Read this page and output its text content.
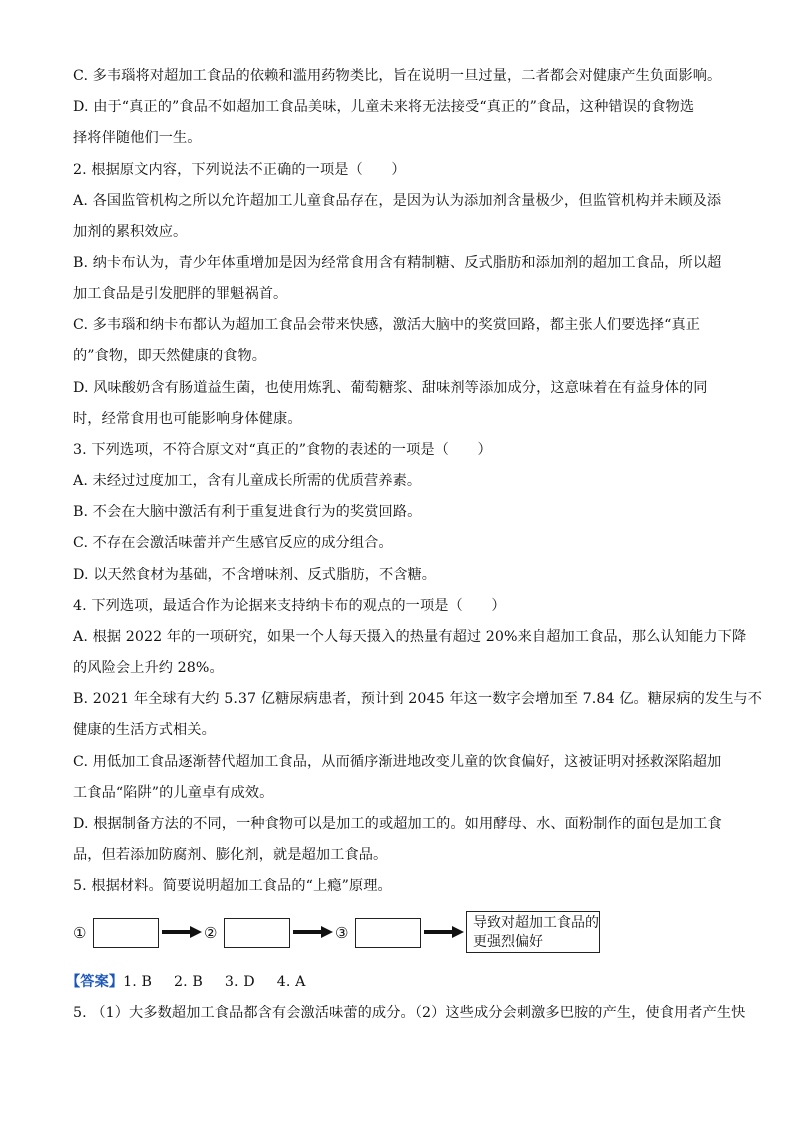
C. 多韦瑙将对超加工食品的依赖和滥用药物类比，旨在说明一旦过量，二者都会对健康产生负面影响。
D. 由于“真正的”食品不如超加工食品美味，儿童未来将无法接受“真正的”食品，这种错误的食物选
择将伴随他们一生。
2. 根据原文内容，下列说法不正确的一项是（　　）
A. 各国监管机构之所以允许超加工儿童食品存在，是因为认为添加剂含量极少，但监管机构并未顾及添
加剂的累积效应。
B. 纳卡布认为，青少年体重增加是因为经常食用含有精制糖、反式脂肪和添加剂的超加工食品，所以超
加工食品是引发肥胖的罪魁祸首。
C. 多韦瑙和纳卡布都认为超加工食品会带来快感，激活大脑中的奖赏回路，都主张人们要选择“真正
的”食物，即天然健康的食物。
D. 风味酸奶含有肠道益生菌，也使用炼乳、葡萄糖浆、甜味剂等添加成分，这意味着在有益身体的同
时，经常食用也可能影响身体健康。
3. 下列选项，不符合原文对“真正的”食物的表述的一项是（　　）
A. 未经过过度加工，含有儿童成长所需的优质营养素。
B. 不会在大脑中激活有利于重复进食行为的奖赏回路。
C. 不存在会激活味蕾并产生感官反应的成分组合。
D. 以天然食材为基础，不含增味剂、反式脂肪，不含糖。
4. 下列选项，最适合作为论据来支持纳卡布的观点的一项是（　　）
A. 根据 2022 年的一项研究，如果一个人每天摄入的热量有超过 20%来自超加工食品，那么认知能力下降
的风险会上升约 28%。
B. 2021 年全球有大约 5.37 亿糖尿病患者，预计到 2045 年这一数字会增加至 7.84 亿。糖尿病的发生与不
健康的生活方式相关。
C. 用低加工食品逐渐替代超加工食品，从而循序渐进地改变儿童的饮食偏好，这被证明对拯救深陷超加
工食品“陷阱”的儿童卓有成效。
D. 根据制备方法的不同，一种食物可以是加工的或超加工的。如用酵母、水、面粉制作的面包是加工食
品，但若添加防腐剂、膨化剂，就是超加工食品。
5. 根据材料。简要说明超加工食品的“上瘾”原理。
①	②	③
导致对超加工食品的更强烈偏好
【答案】1. B 2. B 3. D 4. A
5. （1）大多数超加工食品都含有会激活味蕾的成分。（2）这些成分会刺激多巴胺的产生，使食用者产生快
